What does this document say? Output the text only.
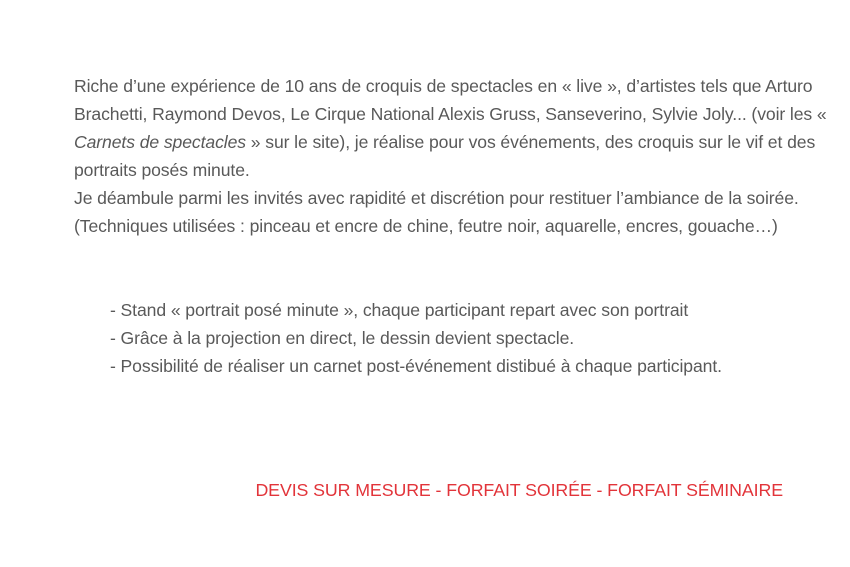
Riche d’une expérience de 10 ans de croquis de spectacles en « live », d’artistes tels que Arturo Brachetti, Raymond Devos, Le Cirque National Alexis Gruss, Sanseverino, Sylvie Joly... (voir les « Carnets de spectacles » sur le site), je réalise pour vos événements, des croquis sur le vif et des portraits posés minute.

Je déambule parmi les invités avec rapidité et discrétion pour restituer l’ambiance de la soirée. (Techniques utilisées : pinceau et encre de chine, feutre noir, aquarelle, encres, gouache…)

- Stand « portrait posé minute », chaque participant repart avec son portrait
- Grâce à la projection en direct, le dessin devient spectacle.
- Possibilité de réaliser un carnet post-événement distibué à chaque participant.
DEVIS SUR MESURE - FORFAIT SOIRÉE - FORFAIT SÉMINAIRE
